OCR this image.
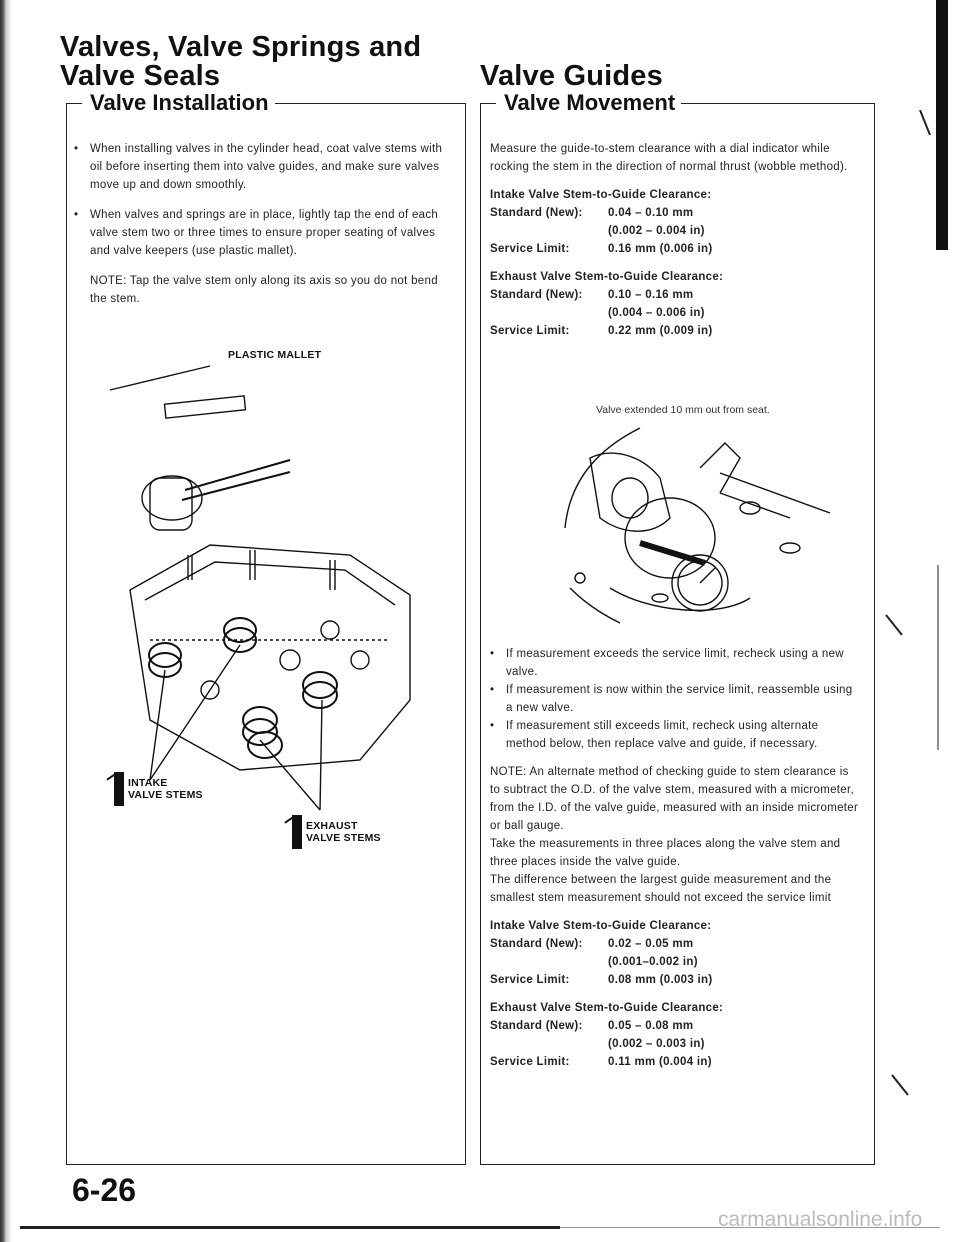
Valves, Valve Springs and
Valve Seals
Valve Installation
• When installing valves in the cylinder head, coat valve stems with oil before inserting them into valve guides, and make sure valves move up and down smoothly.
• When valves and springs are in place, lightly tap the end of each valve stem two or three times to ensure proper seating of valves and valve keepers (use plastic mallet).
NOTE: Tap the valve stem only along its axis so you do not bend the stem.
PLASTIC MALLET
INTAKE
VALVE STEMS
EXHAUST
VALVE STEMS
Valve Guides
Valve Movement
Measure the guide-to-stem clearance with a dial indicator while rocking the stem in the direction of normal thrust (wobble method).
Intake Valve Stem-to-Guide Clearance:
Standard (New):	0.04 – 0.10 mm
(0.002 – 0.004 in)
Service Limit:	0.16 mm (0.006 in)
Exhaust Valve Stem-to-Guide Clearance:
Standard (New):	0.10 – 0.16 mm
(0.004 – 0.006 in)
Service Limit:	0.22 mm (0.009 in)
Valve extended 10 mm out from seat.
• If measurement exceeds the service limit, recheck using a new valve.
• If measurement is now within the service limit, reassemble using a new valve.
• If measurement still exceeds limit, recheck using alternate method below, then replace valve and guide, if necessary.
NOTE: An alternate method of checking guide to stem clearance is to subtract the O.D. of the valve stem, measured with a micrometer, from the I.D. of the valve guide, measured with an inside micrometer or ball gauge.
Take the measurements in three places along the valve stem and three places inside the valve guide.
The difference between the largest guide measurement and the smallest stem measurement should not exceed the service limit
Intake Valve Stem-to-Guide Clearance:
Standard (New):	0.02 – 0.05 mm
(0.001–0.002 in)
Service Limit:	0.08 mm (0.003 in)
Exhaust Valve Stem-to-Guide Clearance:
Standard (New):	0.05 – 0.08 mm
(0.002 – 0.003 in)
Service Limit:	0.11 mm (0.004 in)
6-26
carmanualsonline.info
